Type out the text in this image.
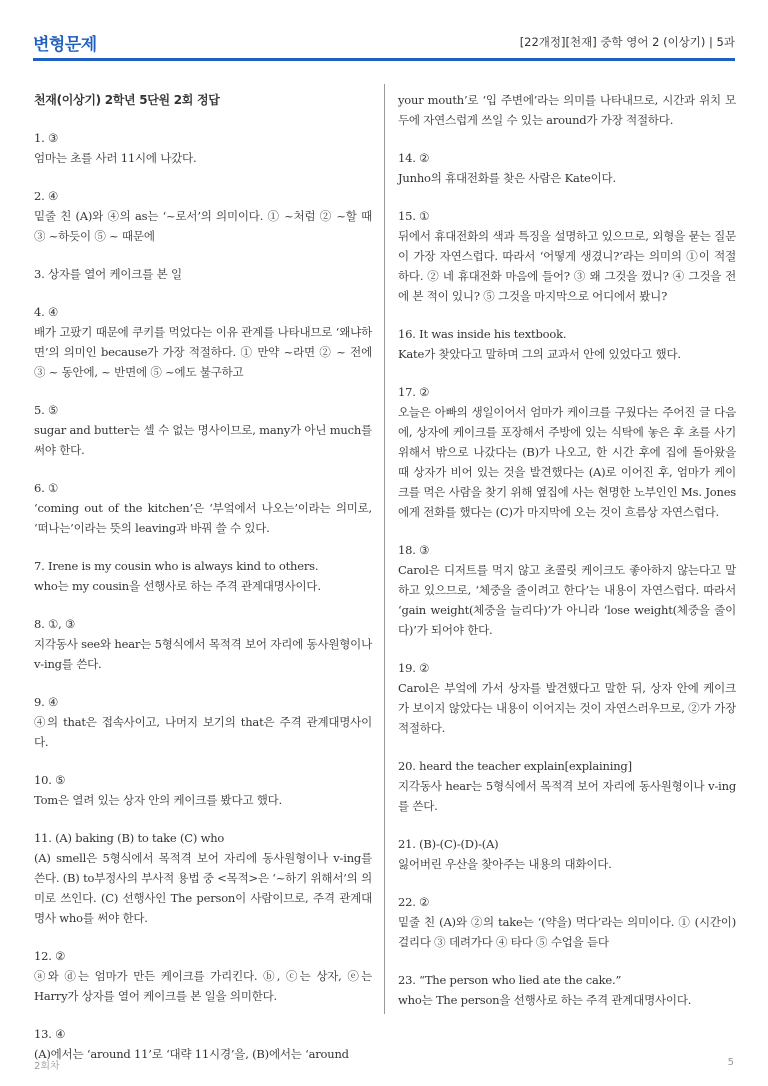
변형문제	[22개정][천재] 중학 영어 2 (이상기) | 5과
천재(이상기) 2학년 5단원 2회 정답

1. ③

엄마는 초를 사러 11시에 나갔다.

2. ④

밑줄 친 (A)와 ④의 as는 ‘~로서’의 의미이다. ① ~처럼 ② ~할 때 ③ ~하듯이 ⑤ ~ 때문에

3. 상자를 열어 케이크를 본 일

4. ④

배가 고팠기 때문에 쿠키를 먹었다는 이유 관계를 나타내므로 ‘왜냐하면’의 의미인 because가 가장 적절하다. ① 만약 ~라면 ② ~ 전에 ③ ~ 동안에, ~ 반면에 ⑤ ~에도 불구하고

5. ⑤

sugar and butter는 셀 수 없는 명사이므로, many가 아닌 much를 써야 한다.

6. ①

‘coming out of the kitchen’은 ‘부엌에서 나오는’이라는 의미로, ‘떠나는’이라는 뜻의 leaving과 바꿔 쓸 수 있다.

7. Irene is my cousin who is always kind to others.

who는 my cousin을 선행사로 하는 주격 관계대명사이다.

8. ①, ③

지각동사 see와 hear는 5형식에서 목적격 보어 자리에 동사원형이나 v-ing를 쓴다.

9. ④

④의 that은 접속사이고, 나머지 보기의 that은 주격 관계대명사이다.

10. ⑤

Tom은 열려 있는 상자 안의 케이크를 봤다고 했다.

11. (A) baking (B) to take (C) who

(A) smell은 5형식에서 목적격 보어 자리에 동사원형이나 v-ing를 쓴다. (B) to부정사의 부사적 용법 중 <목적>은 ‘~하기 위해서’의 의미로 쓰인다. (C) 선행사인 The person이 사람이므로, 주격 관계대명사 who를 써야 한다.

12. ②

ⓐ와 ⓓ는 엄마가 만든 케이크를 가리킨다. ⓑ, ⓒ는 상자, ⓔ는 Harry가 상자를 열어 케이크를 본 일을 의미한다.

13. ④

(A)에서는 ‘around 11’로 ‘대략 11시경’을, (B)에서는 ‘around

your mouth’로 ‘입 주변에’라는 의미를 나타내므로, 시간과 위치 모두에 자연스럽게 쓰일 수 있는 around가 가장 적절하다.

14. ②

Junho의 휴대전화를 찾은 사람은 Kate이다.

15. ①

뒤에서 휴대전화의 색과 특징을 설명하고 있으므로, 외형을 묻는 질문이 가장 자연스럽다. 따라서 ‘어떻게 생겼니?’라는 의미의 ①이 적절하다. ② 네 휴대전화 마음에 들어? ③ 왜 그것을 껐니? ④ 그것을 전에 본 적이 있니? ⑤ 그것을 마지막으로 어디에서 봤니?

16. It was inside his textbook.

Kate가 찾았다고 말하며 그의 교과서 안에 있었다고 했다.

17. ②

오늘은 아빠의 생일이어서 엄마가 케이크를 구웠다는 주어진 글 다음에, 상자에 케이크를 포장해서 주방에 있는 식탁에 놓은 후 초를 사기 위해서 밖으로 나갔다는 (B)가 나오고, 한 시간 후에 집에 돌아왔을 때 상자가 비어 있는 것을 발견했다는 (A)로 이어진 후, 엄마가 케이크를 먹은 사람을 찾기 위해 옆집에 사는 현명한 노부인인 Ms. Jones에게 전화를 했다는 (C)가 마지막에 오는 것이 흐름상 자연스럽다.

18. ③

Carol은 디저트를 먹지 않고 초콜릿 케이크도 좋아하지 않는다고 말하고 있으므로, ‘체중을 줄이려고 한다’는 내용이 자연스럽다. 따라서 ‘gain weight(체중을 늘리다)’가 아니라 ‘lose weight(체중을 줄이다)’가 되어야 한다.

19. ②

Carol은 부엌에 가서 상자를 발견했다고 말한 뒤, 상자 안에 케이크가 보이지 않았다는 내용이 이어지는 것이 자연스러우므로, ②가 가장 적절하다.

20. heard the teacher explain[explaining]

지각동사 hear는 5형식에서 목적격 보어 자리에 동사원형이나 v-ing를 쓴다.

21. (B)-(C)-(D)-(A)

잃어버린 우산을 찾아주는 내용의 대화이다.

22. ②

밑줄 친 (A)와 ②의 take는 ‘(약을) 먹다’라는 의미이다. ① (시간이) 걸리다 ③ 데려가다 ④ 타다 ⑤ 수업을 듣다

23. “The person who lied ate the cake.”

who는 The person을 선행사로 하는 주격 관계대명사이다.

2회차	5
